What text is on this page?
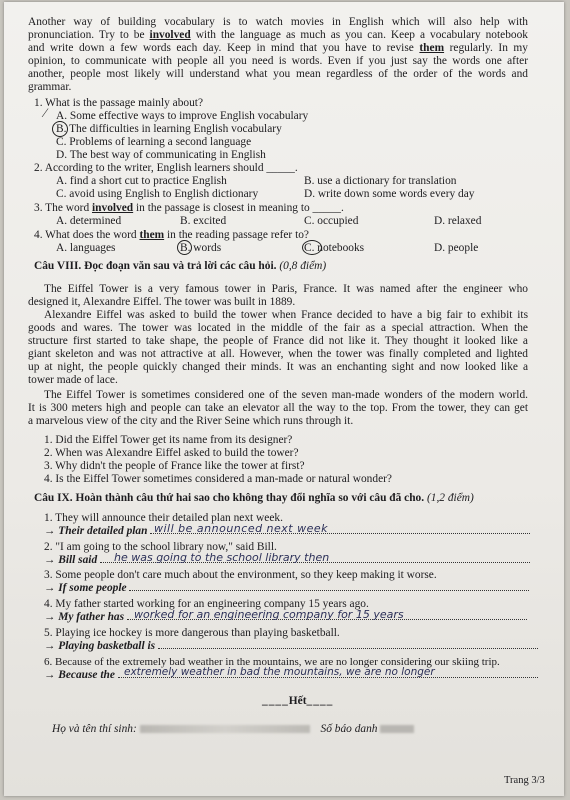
Another way of building vocabulary is to watch movies in English which will also help with
pronunciation. Try to be involved with the language as much as you can. Keep a vocabulary notebook
and write down a few words each day. Keep in mind that you have to revise them regularly. In my
opinion, to communicate with people all you need is words. Even if you just say the words one after
another, people most likely will understand what you mean regardless of the order of the words and
grammar.
1. What is the passage mainly about?
A. Some effective ways to improve English vocabulary
B. The difficulties in learning English vocabulary
⁄
C. Problems of learning a second language
D. The best way of communicating in English
2. According to the writer, English learners should _____.
A. find a short cut to practice English	B. use a dictionary for translation
C. avoid using English to English dictionary	D. write down some words every day
3. The word involved in the passage is closest in meaning to _____.
A. determined	B. excited	C. occupied	D. relaxed
4. What does the word them in the reading passage refer to?
A. languages	B. words	C. notebooks	D. people
Câu VIII. Đọc đoạn văn sau và trả lời các câu hỏi. (0,8 điểm)
The Eiffel Tower is a very famous tower in Paris, France. It was named after the engineer who
designed it, Alexandre Eiffel. The tower was built in 1889.
Alexandre Eiffel was asked to build the tower when France decided to have a big fair to exhibit its
goods and wares. The tower was located in the middle of the fair as a special attraction. When the
structure first started to take shape, the people of France did not like it. They thought it looked like a
giant skeleton and was not attractive at all. However, when the tower was finally completed and lighted
up at night, the people quickly changed their minds. It was an enchanting sight and now looked like a
tower made of lace.
The Eiffel Tower is sometimes considered one of the seven man-made wonders of the modern world.
It is 300 meters high and people can take an elevator all the way to the top. From the tower, they can get
a marvelous view of the city and the River Seine which runs through it.
1. Did the Eiffel Tower get its name from its designer?
2. When was Alexandre Eiffel asked to build the tower?
3. Why didn't the people of France like the tower at first?
4. Is the Eiffel Tower sometimes considered a man-made or natural wonder?
Câu IX. Hoàn thành câu thứ hai sao cho không thay đổi nghĩa so với câu đã cho. (1,2 điểm)
1. They will announce their detailed plan next week.
→ Their detailed plan will be announced next week
2. "I am going to the school library now," said Bill.
→ Bill said	he was going to the school library then
3. Some people don't care much about the environment, so they keep making it worse.
→ If some people
4. My father started working for an engineering company 15 years ago.
→ My father has worked for an engineering company for 15 years
5. Playing ice hockey is more dangerous than playing basketball.
→ Playing basketball is
6. Because of the extremely bad weather in the mountains, we are no longer considering our skiing trip.
→ Because the extremely weather in bad the mountains, we are no longer
____Hết____
Họ và tên thí sinh:	Số báo danh
Trang 3/3
